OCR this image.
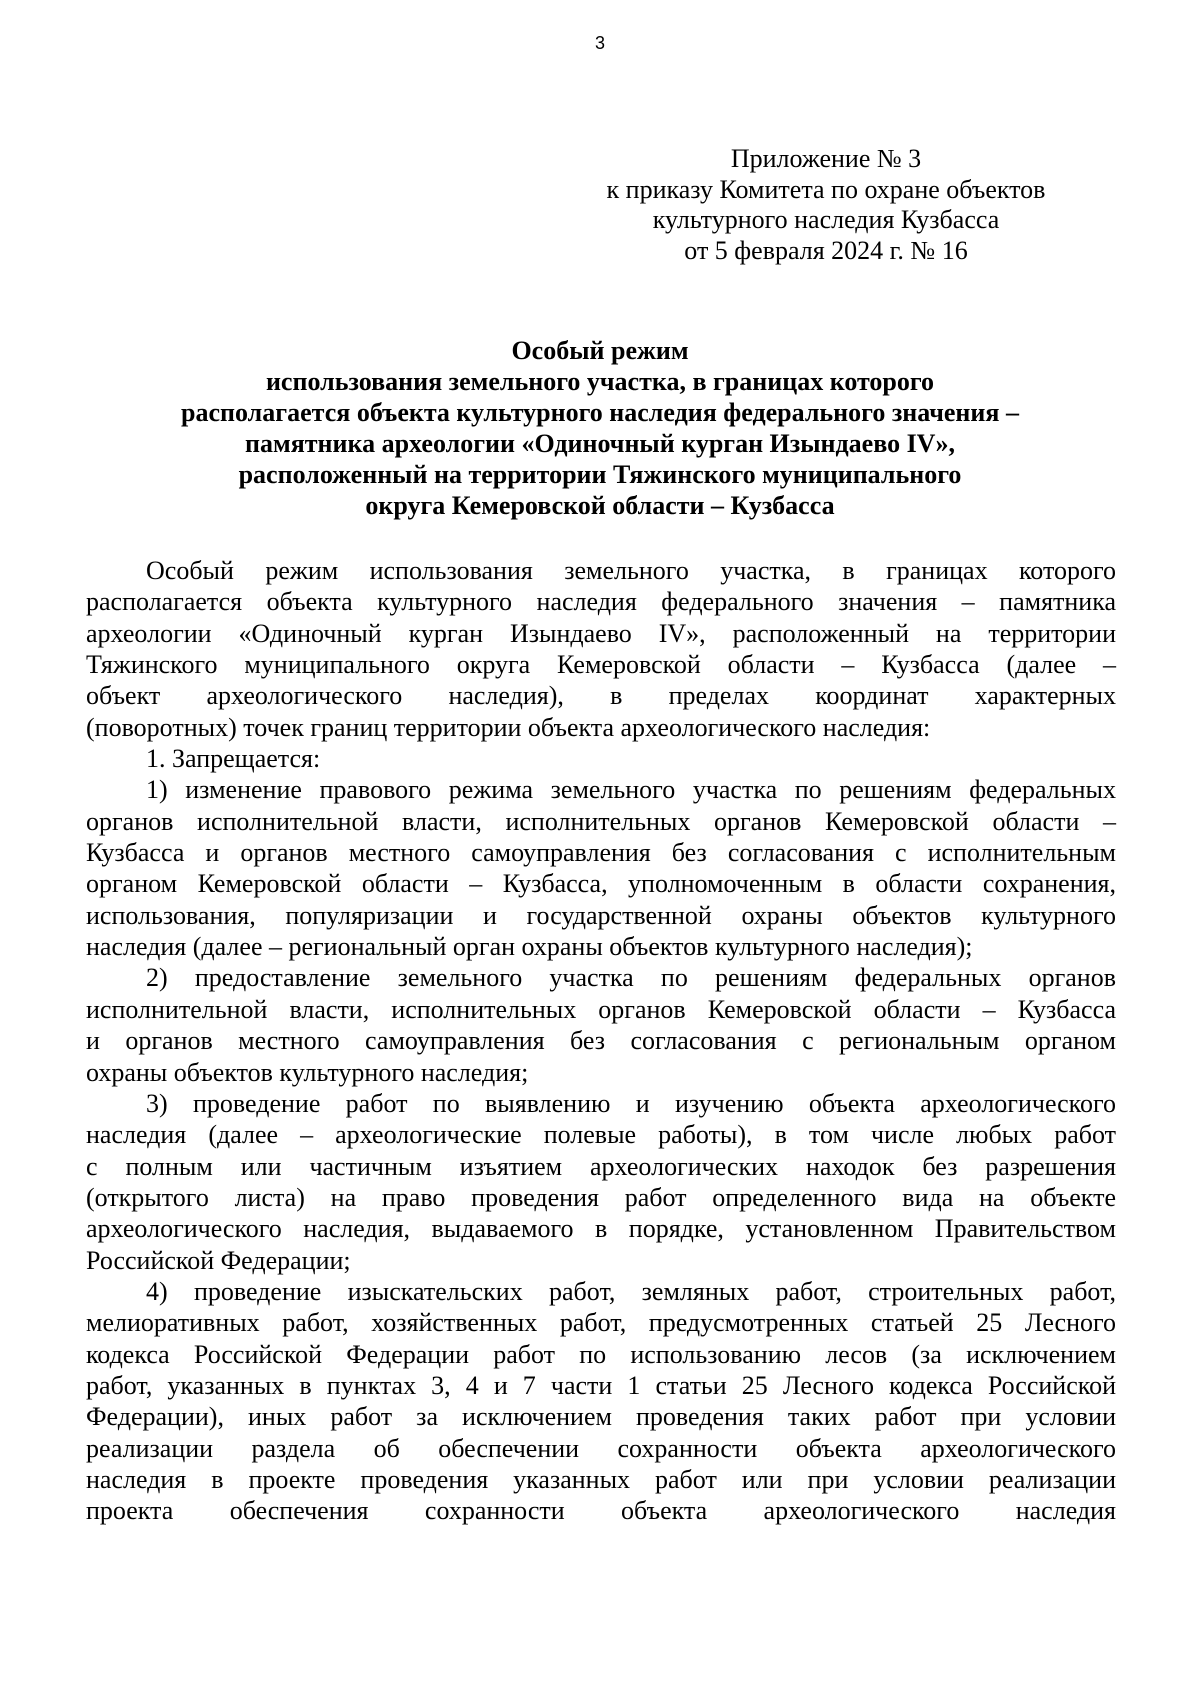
3
Приложение № 3
к приказу Комитета по охране объектов
культурного наследия Кузбасса
от 5 февраля 2024 г. № 16
Особый режим
использования земельного участка, в границах которого
располагается объекта культурного наследия федерального значения –
памятника археологии «Одиночный курган Изындаево IV»,
расположенный на территории Тяжинского муниципального
округа Кемеровской области – Кузбасса
Особый режим использования земельного участка, в границах которого
располагается объекта культурного наследия федерального значения – памятника
археологии «Одиночный курган Изындаево IV», расположенный на территории
Тяжинского муниципального округа Кемеровской области – Кузбасса (далее –
объект археологического наследия), в пределах координат характерных
(поворотных) точек границ территории объекта археологического наследия:
1. Запрещается:
1) изменение правового режима земельного участка по решениям федеральных
органов исполнительной власти, исполнительных органов Кемеровской области –
Кузбасса и органов местного самоуправления без согласования с исполнительным
органом Кемеровской области – Кузбасса, уполномоченным в области сохранения,
использования, популяризации и государственной охраны объектов культурного
наследия (далее – региональный орган охраны объектов культурного наследия);
2) предоставление земельного участка по решениям федеральных органов
исполнительной власти, исполнительных органов Кемеровской области – Кузбасса
и органов местного самоуправления без согласования с региональным органом
охраны объектов культурного наследия;
3) проведение работ по выявлению и изучению объекта археологического
наследия (далее – археологические полевые работы), в том числе любых работ
с полным или частичным изъятием археологических находок без разрешения
(открытого листа) на право проведения работ определенного вида на объекте
археологического наследия, выдаваемого в порядке, установленном Правительством
Российской Федерации;
4) проведение изыскательских работ, земляных работ, строительных работ,
мелиоративных работ, хозяйственных работ, предусмотренных статьей 25 Лесного
кодекса Российской Федерации работ по использованию лесов (за исключением
работ, указанных в пунктах 3, 4 и 7 части 1 статьи 25 Лесного кодекса Российской
Федерации), иных работ за исключением проведения таких работ при условии
реализации раздела об обеспечении сохранности объекта археологического
наследия в проекте проведения указанных работ или при условии реализации
проекта обеспечения сохранности объекта археологического наследия
